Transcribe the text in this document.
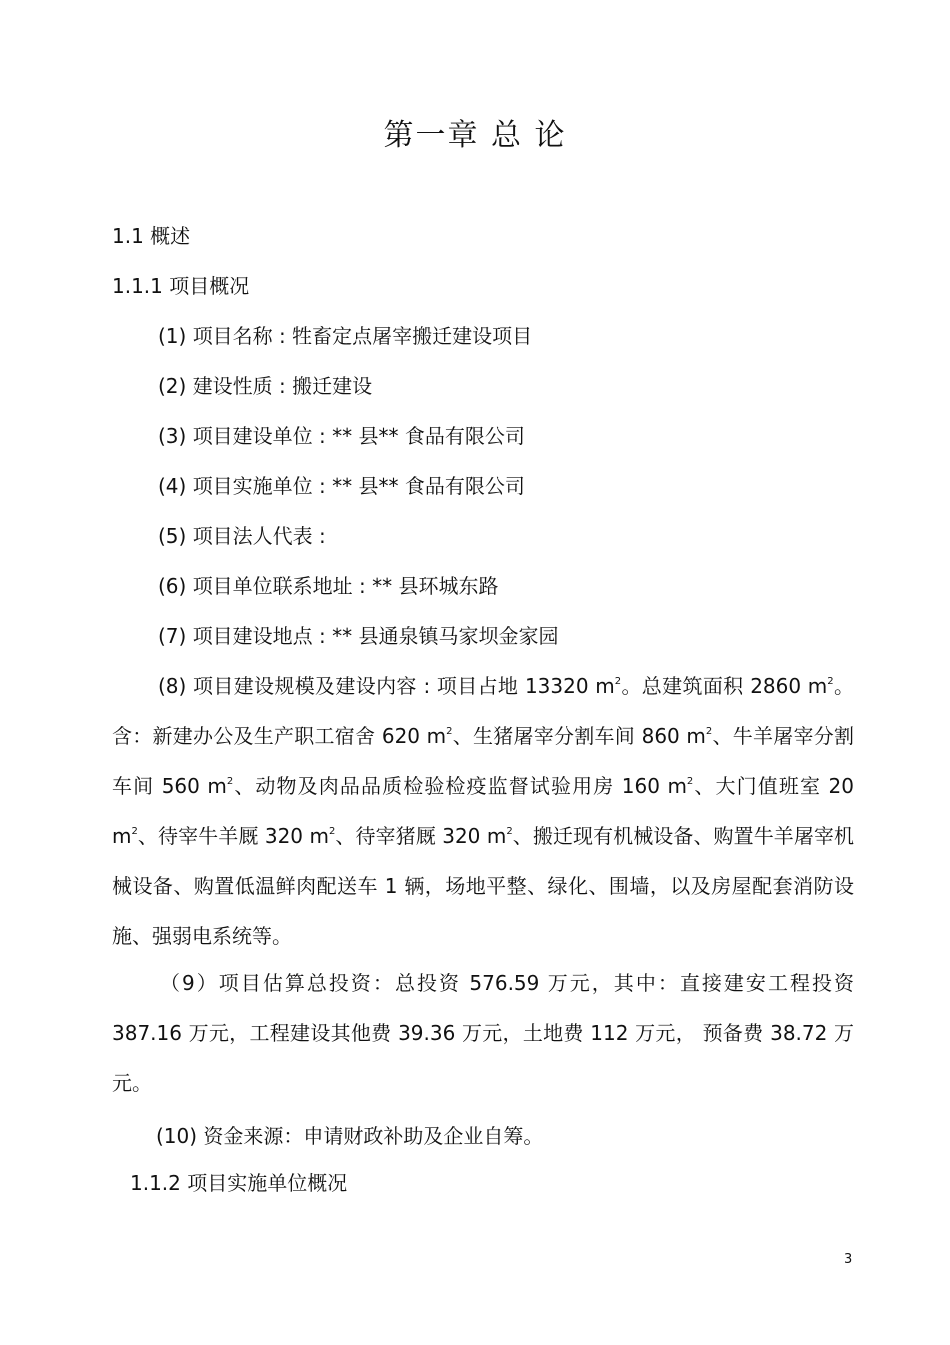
第一章 总 论
1.1 概述
1.1.1 项目概况
(1) 项目名称 : 牲畜定点屠宰搬迁建设项目
(2) 建设性质 : 搬迁建设
(3) 项目建设单位 : ** 县** 食品有限公司
(4) 项目实施单位 : ** 县** 食品有限公司
(5) 项目法人代表 :
(6) 项目单位联系地址 : ** 县环城东路
(7) 项目建设地点 : ** 县通泉镇马家坝金家园
(8) 项目建设规模及建设内容 : 项目占地 13320 $m^2$。总建筑面积 2860 $m^2$。含：新建办公及生产职工宿舍 620 $m^2$、生猪屠宰分割车间 860 $m^2$、牛羊屠宰分割车间 560 $m^2$、动物及肉品品质检验检疫监督试验用房 160 $m^2$、大门值班室 20 $m^2$、待宰牛羊厩 320 $m^2$、待宰猪厩 320 $m^2$、搬迁现有机械设备、购置牛羊屠宰机械设备、购置低温鲜肉配送车 1 辆，场地平整、绿化、围墙，以及房屋配套消防设施、强弱电系统等。
（9）项目估算总投资：总投资 576.59 万元，其中：直接建安工程投资 387.16 万元，工程建设其他费 39.36 万元，土地费 112 万元， 预备费 38.72 万元。
(10) 资金来源：申请财政补助及企业自筹。
1.1.2 项目实施单位概况
3
